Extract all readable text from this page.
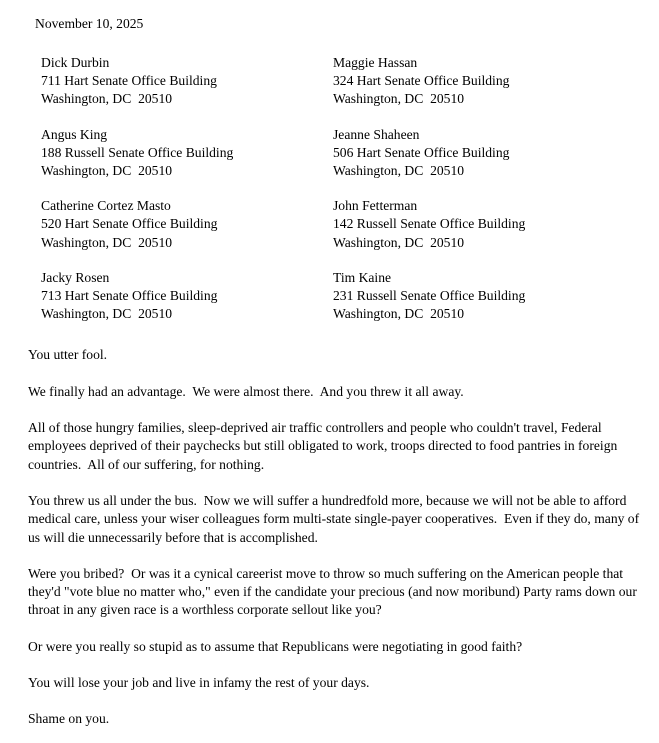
November 10, 2025
Dick Durbin
711 Hart Senate Office Building
Washington, DC  20510
Maggie Hassan
324 Hart Senate Office Building
Washington, DC  20510
Angus King
188 Russell Senate Office Building
Washington, DC  20510
Jeanne Shaheen
506 Hart Senate Office Building
Washington, DC  20510
Catherine Cortez Masto
520 Hart Senate Office Building
Washington, DC  20510
John Fetterman
142 Russell Senate Office Building
Washington, DC  20510
Jacky Rosen
713 Hart Senate Office Building
Washington, DC  20510
Tim Kaine
231 Russell Senate Office Building
Washington, DC  20510

You utter fool.

We finally had an advantage.  We were almost there.  And you threw it all away.

All of those hungry families, sleep-deprived air traffic controllers and people who couldn't travel, Federal employees deprived of their paychecks but still obligated to work, troops directed to food pantries in foreign countries.  All of our suffering, for nothing.

You threw us all under the bus.  Now we will suffer a hundredfold more, because we will not be able to afford medical care, unless your wiser colleagues form multi-state single-payer cooperatives.  Even if they do, many of us will die unnecessarily before that is accomplished.

Were you bribed?  Or was it a cynical careerist move to throw so much suffering on the American people that they'd "vote blue no matter who," even if the candidate your precious (and now moribund) Party rams down our throat in any given race is a worthless corporate sellout like you?

Or were you really so stupid as to assume that Republicans were negotiating in good faith?

You will lose your job and live in infamy the rest of your days.

Shame on you.
